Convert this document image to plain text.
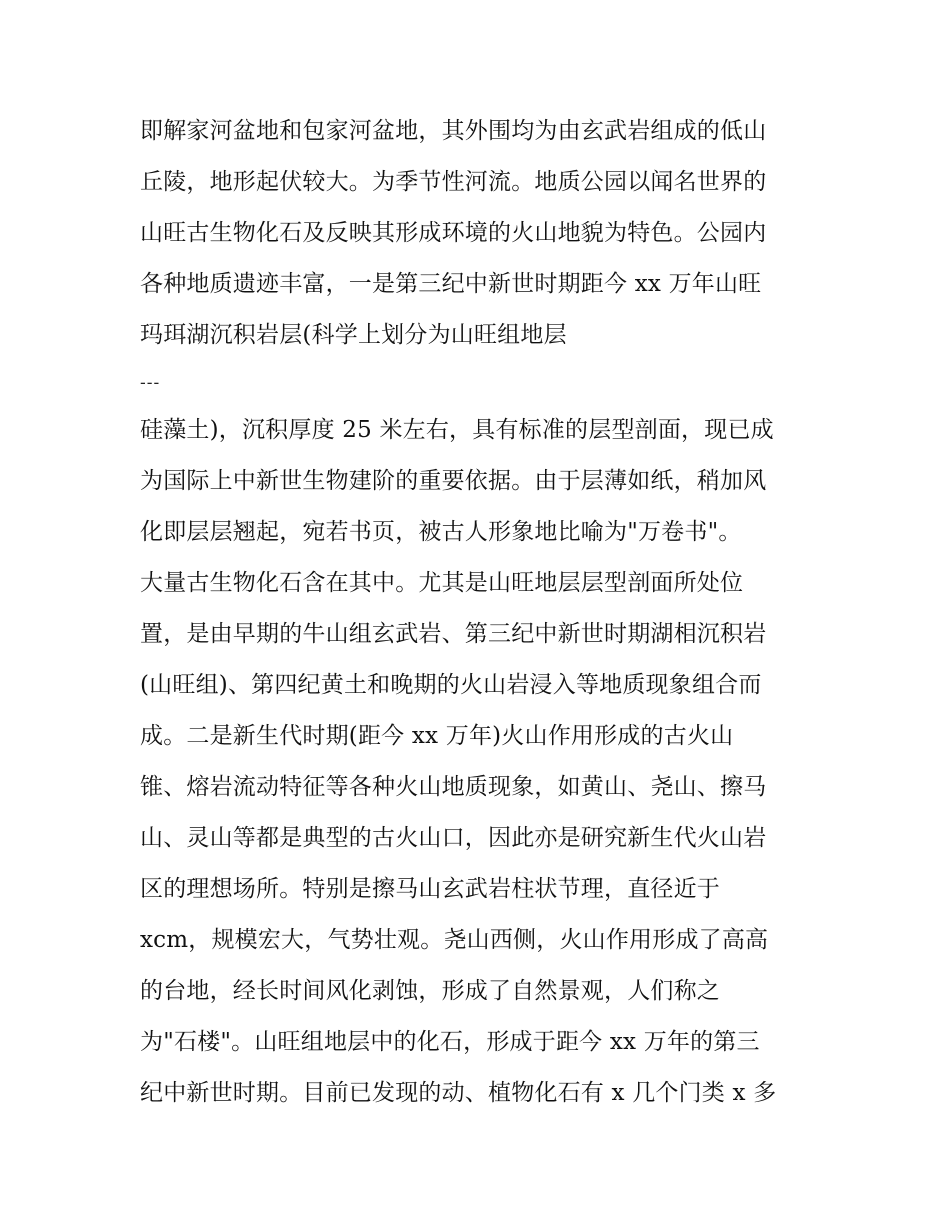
即解家河盆地和包家河盆地，其外围均为由玄武岩组成的低山
丘陵，地形起伏较大。为季节性河流。地质公园以闻名世界的
山旺古生物化石及反映其形成环境的火山地貌为特色。公园内
各种地质遗迹丰富，一是第三纪中新世时期距今 xx 万年山旺
玛珥湖沉积岩层(科学上划分为山旺组地层
---
硅藻土)，沉积厚度 25 米左右，具有标准的层型剖面，现已成
为国际上中新世生物建阶的重要依据。由于层薄如纸，稍加风
化即层层翘起，宛若书页，被古人形象地比喻为"万卷书"。
大量古生物化石含在其中。尤其是山旺地层层型剖面所处位
置，是由早期的牛山组玄武岩、第三纪中新世时期湖相沉积岩
(山旺组)、第四纪黄土和晚期的火山岩浸入等地质现象组合而
成。二是新生代时期(距今 xx 万年)火山作用形成的古火山
锥、熔岩流动特征等各种火山地质现象，如黄山、尧山、擦马
山、灵山等都是典型的古火山口，因此亦是研究新生代火山岩
区的理想场所。特别是擦马山玄武岩柱状节理，直径近于
xcm，规模宏大，气势壮观。尧山西侧，火山作用形成了高高
的台地，经长时间风化剥蚀，形成了自然景观，人们称之
为"石楼"。山旺组地层中的化石，形成于距今 xx 万年的第三
纪中新世时期。目前已发现的动、植物化石有 x 几个门类 x 多
